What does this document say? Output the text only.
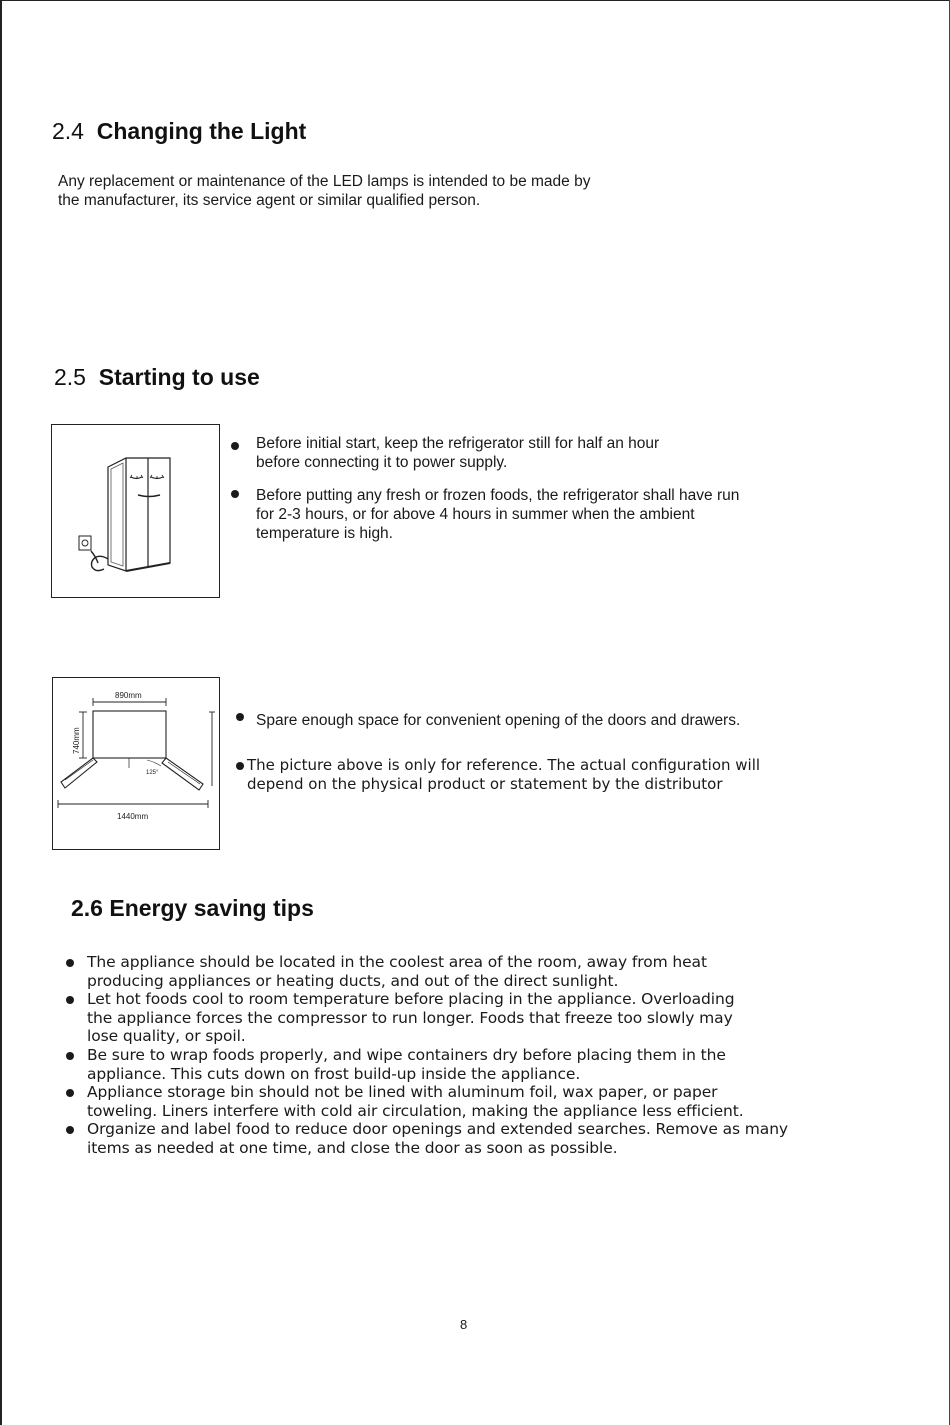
2.4 Changing the Light
Any replacement or maintenance of the LED lamps is intended to be made by
the manufacturer, its service agent or similar qualified person.
2.5 Starting to use
Before initial start, keep the refrigerator still for half an hour
before connecting it to power supply.
Before putting any fresh or frozen foods, the refrigerator shall have run
for 2-3 hours, or for above 4 hours in summer when the ambient
temperature is high.
890mm
740mm
125°
1440mm
Spare enough space for convenient opening of the doors and drawers.
The picture above is only for reference. The actual configuration will
depend on the physical product or statement by the distributor
2.6 Energy saving tips
The appliance should be located in the coolest area of the room, away from heat
producing appliances or heating ducts, and out of the direct sunlight.
Let hot foods cool to room temperature before placing in the appliance. Overloading
the appliance forces the compressor to run longer. Foods that freeze too slowly may
lose quality, or spoil.
Be sure to wrap foods properly, and wipe containers dry before placing them in the
appliance. This cuts down on frost build-up inside the appliance.
Appliance storage bin should not be lined with aluminum foil, wax paper, or paper
toweling. Liners interfere with cold air circulation, making the appliance less efficient.
Organize and label food to reduce door openings and extended searches. Remove as many
items as needed at one time, and close the door as soon as possible.
8
